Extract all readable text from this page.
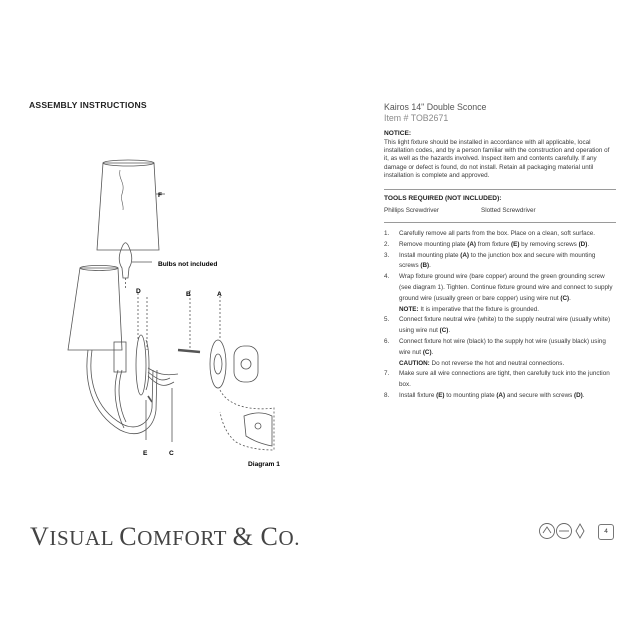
ASSEMBLY INSTRUCTIONS	Kairos 14" Double Sconce
Item # TOB2671
NOTICE:
This light fixture should be installed in accordance with all applicable, local installation codes, and by a person familiar with the construction and operation of it, as well as the hazards involved. Inspect item and contents carefully. If any damage or defect is found, do not install. Retain all packaging material until installation is complete and approved.
TOOLS REQUIRED (NOT INCLUDED):
Phillips Screwdriver	Slotted Screwdriver
1.	Carefully remove all parts from the box. Place on a clean, soft surface.
2.	Remove mounting plate (A) from fixture (E) by removing screws (D).
3.	Install mounting plate (A) to the junction box and secure with mounting screws (B).
4.	Wrap fixture ground wire (bare copper) around the green grounding screw (see diagram 1). Tighten. Continue fixture ground wire and connect to supply ground wire (usually green or bare copper) using wire nut (C).
NOTE: It is imperative that the fixture is grounded.
5.	Connect fixture neutral wire (white) to the supply neutral wire (usually white) using wire nut (C).
6.	Connect fixture hot wire (black) to the supply hot wire (usually black) using wire nut (C).
CAUTION: Do not reverse the hot and neutral connections.
7.	Make sure all wire connections are tight, then carefully tuck into the junction box.
8.	Install fixture (E) to mounting plate (A) and secure with screws (D).
F
Bulbs not included
D	B	A
E	C
Diagram 1
VISUAL COMFORT & CO.	4
